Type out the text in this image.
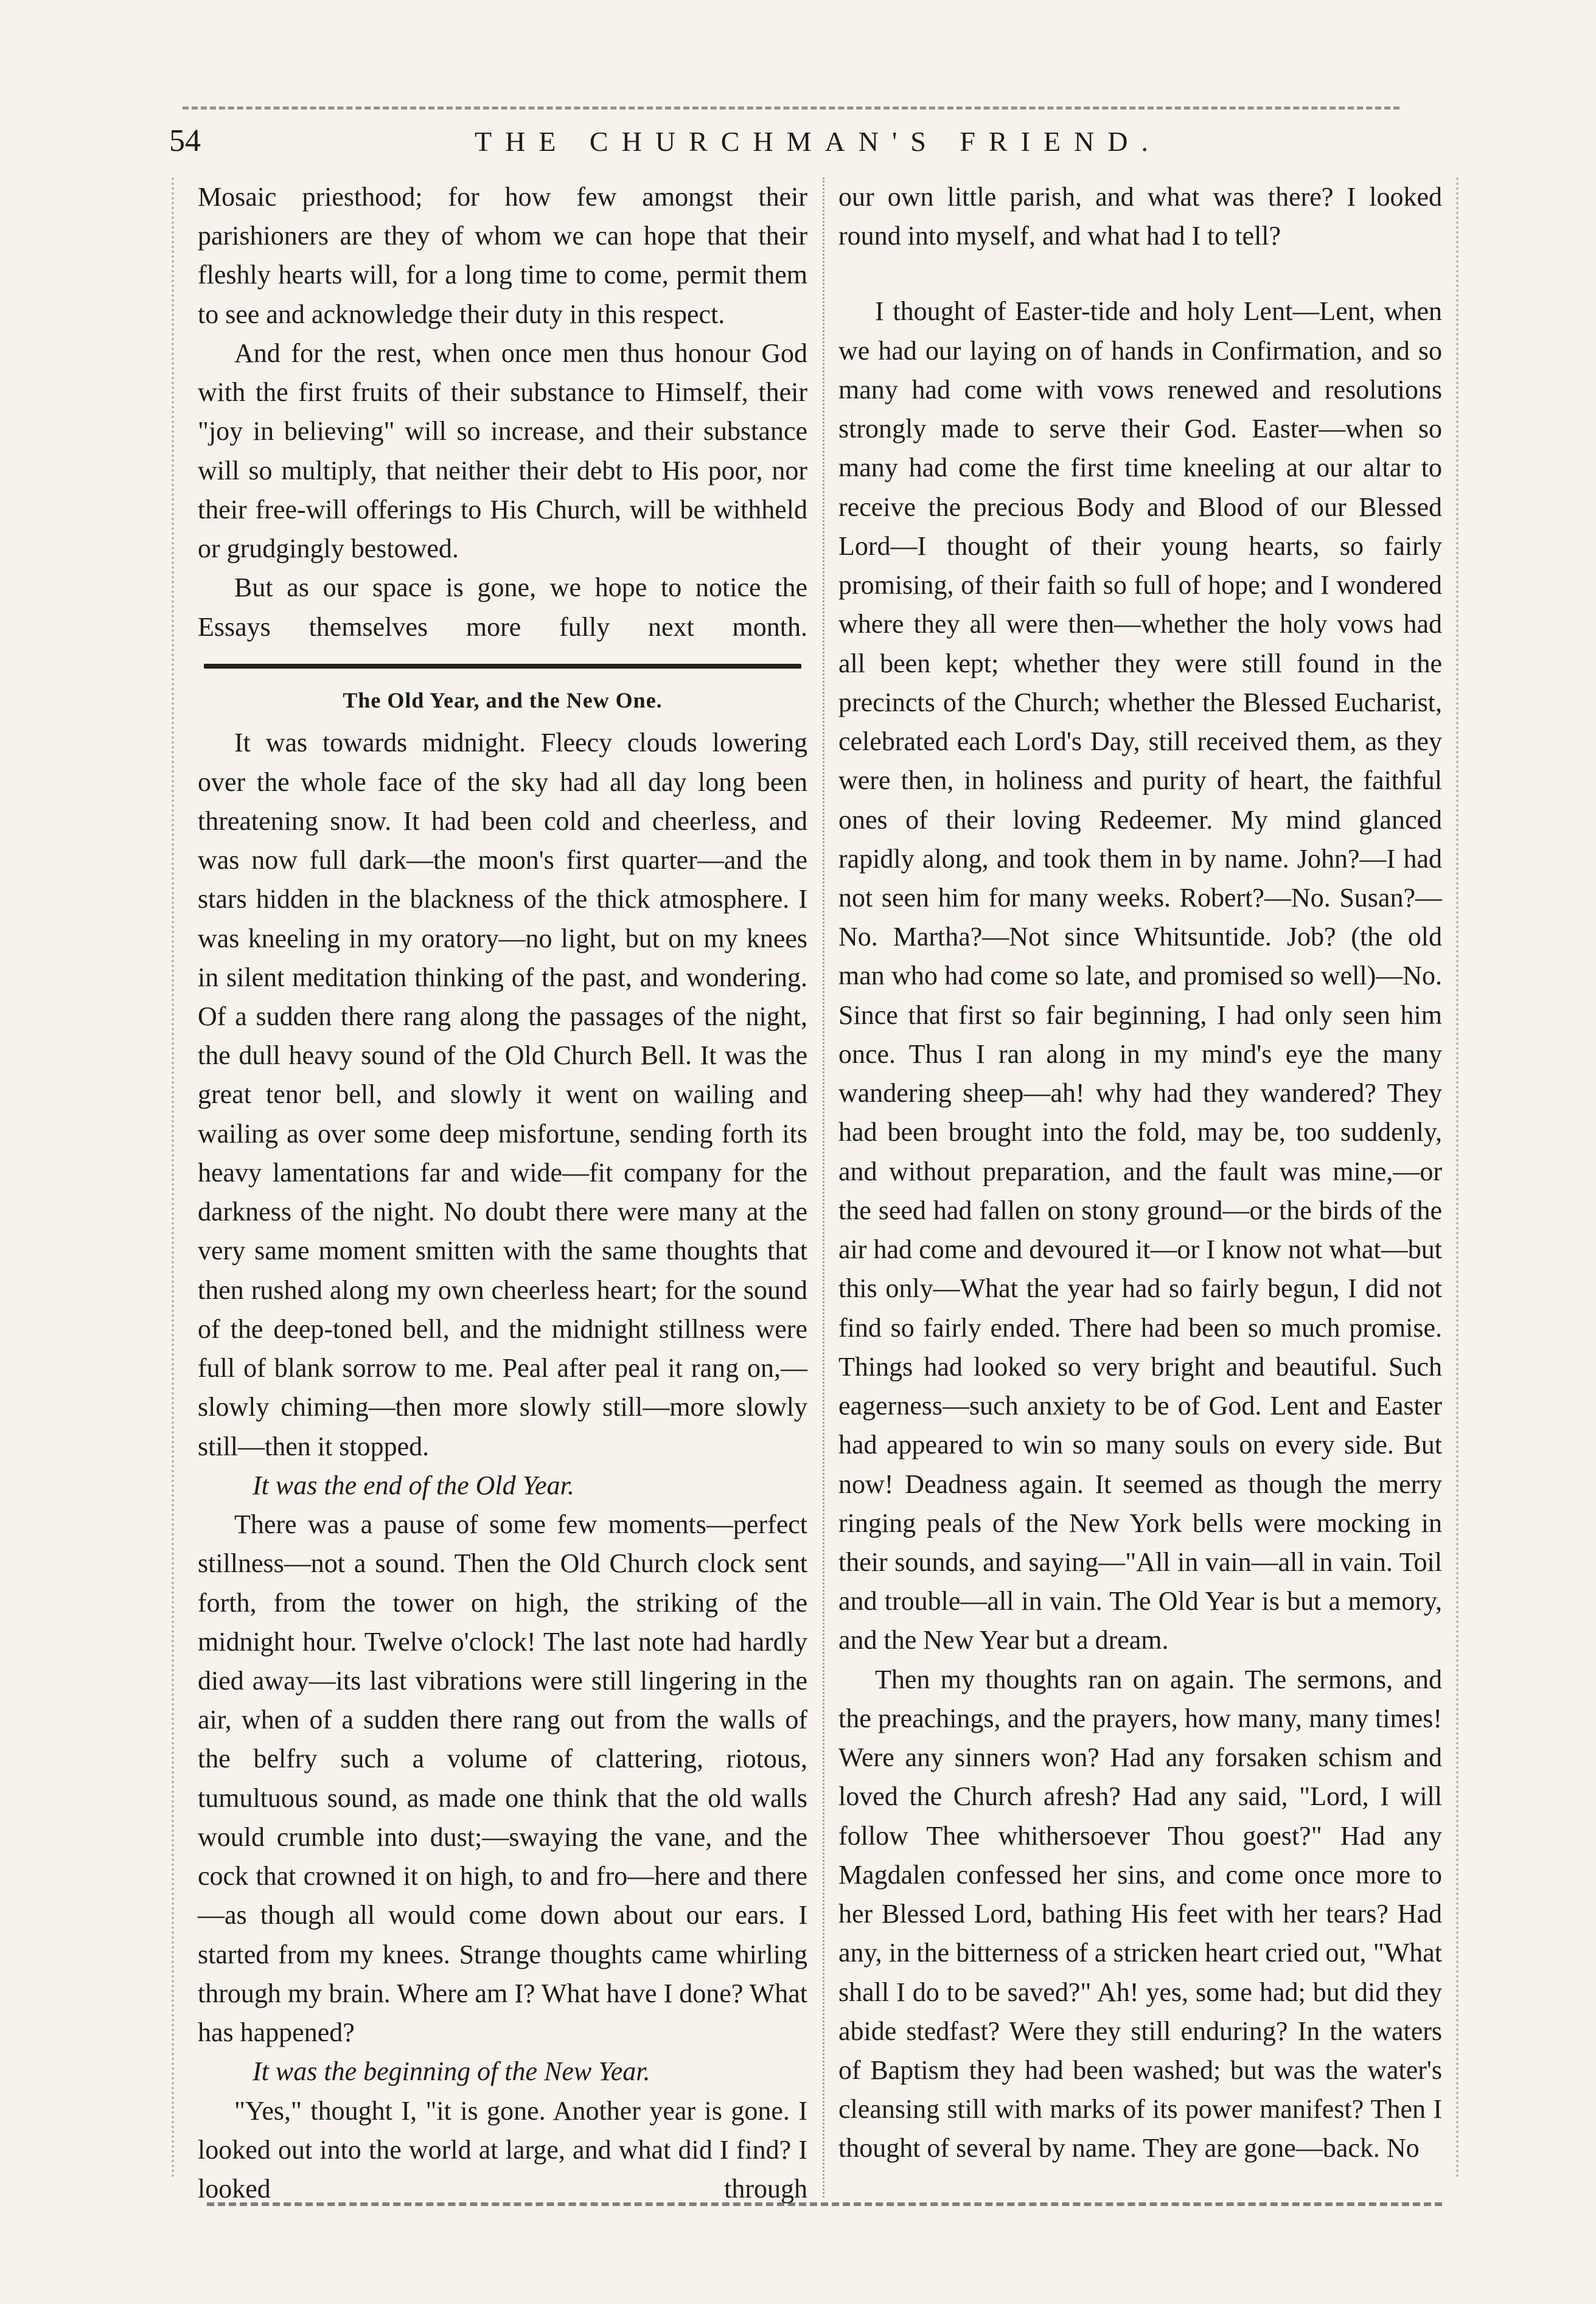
54	THE CHURCHMAN'S FRIEND.

Mosaic priesthood; for how few amongst their parishioners are they of whom we can hope that their fleshly hearts will, for a long time to come, permit them to see and acknowledge their duty in this respect.

And for the rest, when once men thus honour God with the first fruits of their substance to Himself, their "joy in believing" will so increase, and their substance will so multiply, that neither their debt to His poor, nor their free-will offerings to His Church, will be withheld or grudgingly bestowed.

But as our space is gone, we hope to notice the Essays themselves more fully next month.

The Old Year, and the New One.

It was towards midnight. Fleecy clouds lowering over the whole face of the sky had all day long been threatening snow. It had been cold and cheerless, and was now full dark—the moon's first quarter—and the stars hidden in the blackness of the thick atmosphere. I was kneeling in my oratory—no light, but on my knees in silent meditation thinking of the past, and wondering. Of a sudden there rang along the passages of the night, the dull heavy sound of the Old Church Bell. It was the great tenor bell, and slowly it went on wailing and wailing as over some deep misfortune, sending forth its heavy lamentations far and wide—fit company for the darkness of the night. No doubt there were many at the very same moment smitten with the same thoughts that then rushed along my own cheerless heart; for the sound of the deep-toned bell, and the midnight stillness were full of blank sorrow to me. Peal after peal it rang on,—slowly chiming—then more slowly still—more slowly still—then it stopped.

It was the end of the Old Year.

There was a pause of some few moments—perfect stillness—not a sound. Then the Old Church clock sent forth, from the tower on high, the striking of the midnight hour. Twelve o'clock! The last note had hardly died away—its last vibrations were still lingering in the air, when of a sudden there rang out from the walls of the belfry such a volume of clattering, riotous, tumultuous sound, as made one think that the old walls would crumble into dust;—swaying the vane, and the cock that crowned it on high, to and fro—here and there—as though all would come down about our ears. I started from my knees. Strange thoughts came whirling through my brain. Where am I? What have I done? What has happened?

It was the beginning of the New Year.

"Yes," thought I, "it is gone. Another year is gone. I looked out into the world at large, and what did I find? I looked through

our own little parish, and what was there? I looked round into myself, and what had I to tell?

I thought of Easter-tide and holy Lent—Lent, when we had our laying on of hands in Confirmation, and so many had come with vows renewed and resolutions strongly made to serve their God. Easter—when so many had come the first time kneeling at our altar to receive the precious Body and Blood of our Blessed Lord—I thought of their young hearts, so fairly promising, of their faith so full of hope; and I wondered where they all were then—whether the holy vows had all been kept; whether they were still found in the precincts of the Church; whether the Blessed Eucharist, celebrated each Lord's Day, still received them, as they were then, in holiness and purity of heart, the faithful ones of their loving Redeemer. My mind glanced rapidly along, and took them in by name. John?—I had not seen him for many weeks. Robert?—No. Susan?—No. Martha?—Not since Whitsuntide. Job? (the old man who had come so late, and promised so well)—No. Since that first so fair beginning, I had only seen him once. Thus I ran along in my mind's eye the many wandering sheep—ah! why had they wandered? They had been brought into the fold, may be, too suddenly, and without preparation, and the fault was mine,—or the seed had fallen on stony ground—or the birds of the air had come and devoured it—or I know not what—but this only—What the year had so fairly begun, I did not find so fairly ended. There had been so much promise. Things had looked so very bright and beautiful. Such eagerness—such anxiety to be of God. Lent and Easter had appeared to win so many souls on every side. But now! Deadness again. It seemed as though the merry ringing peals of the New York bells were mocking in their sounds, and saying—"All in vain—all in vain. Toil and trouble—all in vain. The Old Year is but a memory, and the New Year but a dream.

Then my thoughts ran on again. The sermons, and the preachings, and the prayers, how many, many times! Were any sinners won? Had any forsaken schism and loved the Church afresh? Had any said, "Lord, I will follow Thee whithersoever Thou goest?" Had any Magdalen confessed her sins, and come once more to her Blessed Lord, bathing His feet with her tears? Had any, in the bitterness of a stricken heart cried out, "What shall I do to be saved?" Ah! yes, some had; but did they abide stedfast? Were they still enduring? In the waters of Baptism they had been washed; but was the water's cleansing still with marks of its power manifest? Then I thought of several by name. They are gone—back. No
